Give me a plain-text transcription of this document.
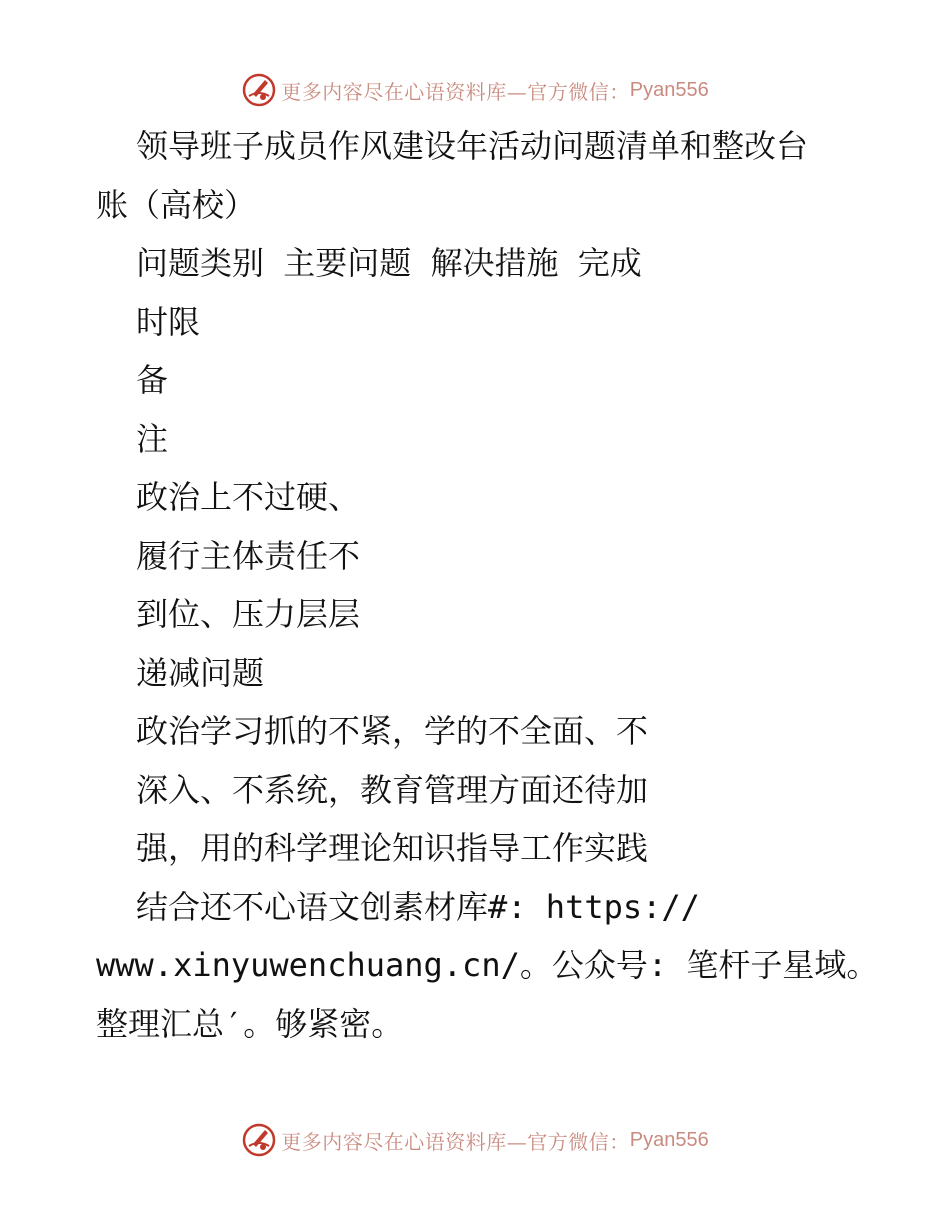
更多内容尽在心语资料库—官方微信： Pyan556
领导班子成员作风建设年活动问题清单和整改台
账（高校）
问题类别 主要问题 解决措施 完成
时限
备
注
政治上不过硬、
履行主体责任不
到位、压力层层
递减问题
政治学习抓的不紧，学的不全面、不
深入、不系统，教育管理方面还待加
强，用的科学理论知识指导工作实践
结合还不心语文创素材库#: https://
www.xinyuwenchuang.cn/。公众号: 笔杆子星域。
整理汇总′。够紧密。
更多内容尽在心语资料库—官方微信： Pyan556
